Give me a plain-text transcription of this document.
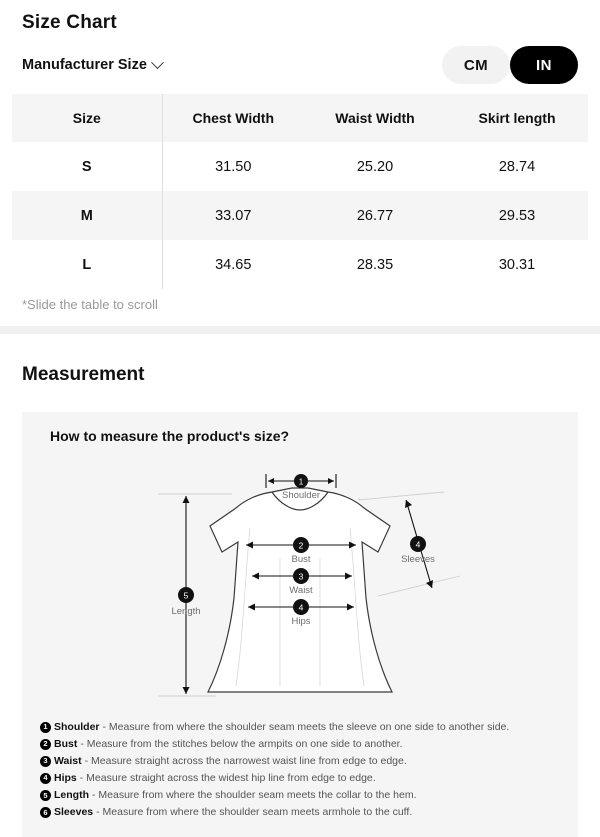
Size Chart
Manufacturer Size	CM	IN
Size	Chest Width	Waist Width	Skirt length
S	31.50	25.20	28.74
M	33.07	26.77	29.53
L	34.65	28.35	30.31
*Slide the table to scroll
Measurement
How to measure the product's size?
1
Shoulder
2
Bust
3
Waist
4
Hips
5
Length
4
Sleeves
1 Shoulder - Measure from where the shoulder seam meets the sleeve on one side to another side.
2 Bust - Measure from the stitches below the armpits on one side to another.
3 Waist - Measure straight across the narrowest waist line from edge to edge.
4 Hips - Measure straight across the widest hip line from edge to edge.
5 Length - Measure from where the shoulder seam meets the collar to the hem.
6 Sleeves - Measure from where the shoulder seam meets armhole to the cuff.
